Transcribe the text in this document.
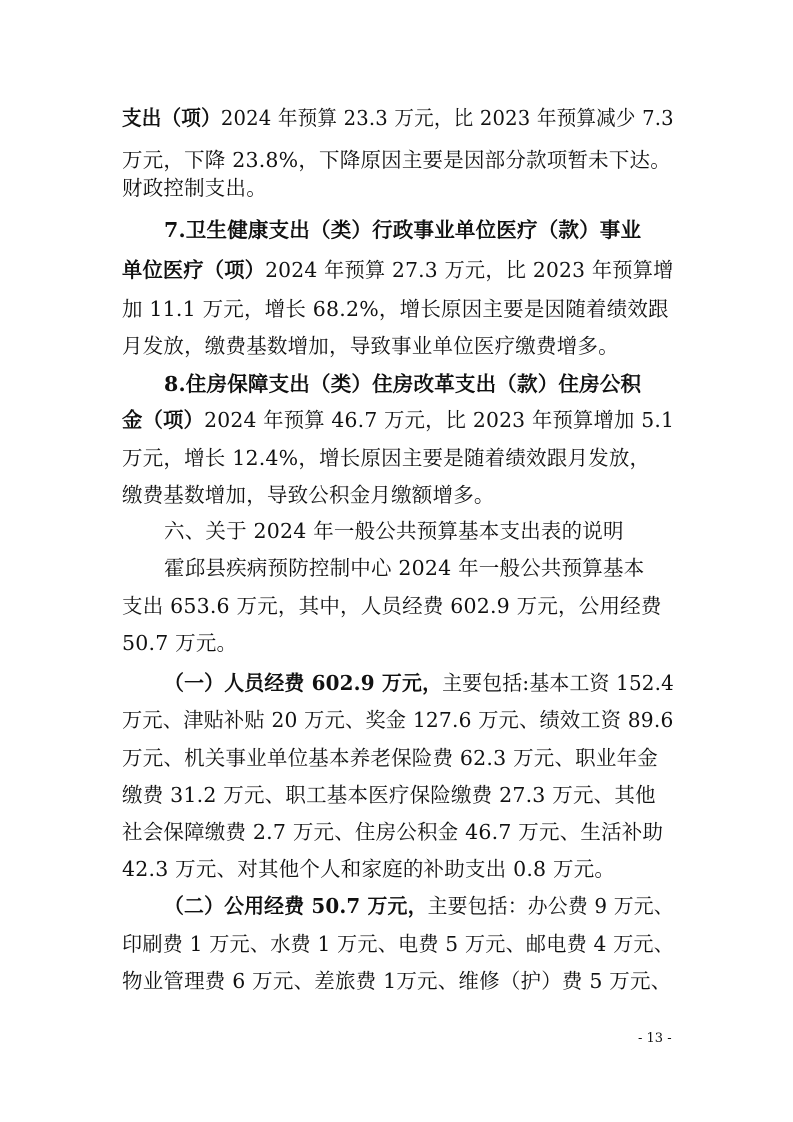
支出（项）2024 年预算 23.3 万元，比 2023 年预算减少 7.3
万元，下降 23.8%，下降原因主要是因部分款项暂未下达。
财政控制支出。
7.卫生健康支出（类）行政事业单位医疗（款）事业
单位医疗（项）2024 年预算 27.3 万元，比 2023 年预算增
加 11.1 万元，增长 68.2%，增长原因主要是因随着绩效跟
月发放，缴费基数增加，导致事业单位医疗缴费增多。
8.住房保障支出（类）住房改革支出（款）住房公积
金（项）2024 年预算 46.7 万元，比 2023 年预算增加 5.1
万元，增长 12.4%，增长原因主要是随着绩效跟月发放，
缴费基数增加，导致公积金月缴额增多。
六、关于 2024 年一般公共预算基本支出表的说明
霍邱县疾病预防控制中心 2024 年一般公共预算基本
支出 653.6 万元，其中，人员经费 602.9 万元，公用经费
50.7 万元。
（一）人员经费 602.9 万元，主要包括:基本工资 152.4
万元、津贴补贴 20 万元、奖金 127.6 万元、绩效工资 89.6
万元、机关事业单位基本养老保险费 62.3 万元、职业年金
缴费 31.2 万元、职工基本医疗保险缴费 27.3 万元、其他
社会保障缴费 2.7 万元、住房公积金 46.7 万元、生活补助
42.3 万元、对其他个人和家庭的补助支出 0.8 万元。
（二）公用经费 50.7 万元，主要包括：办公费 9 万元、
印刷费 1 万元、水费 1 万元、电费 5 万元、邮电费 4 万元、
物业管理费 6 万元、差旅费 1万元、维修（护）费 5 万元、
- 13 -
